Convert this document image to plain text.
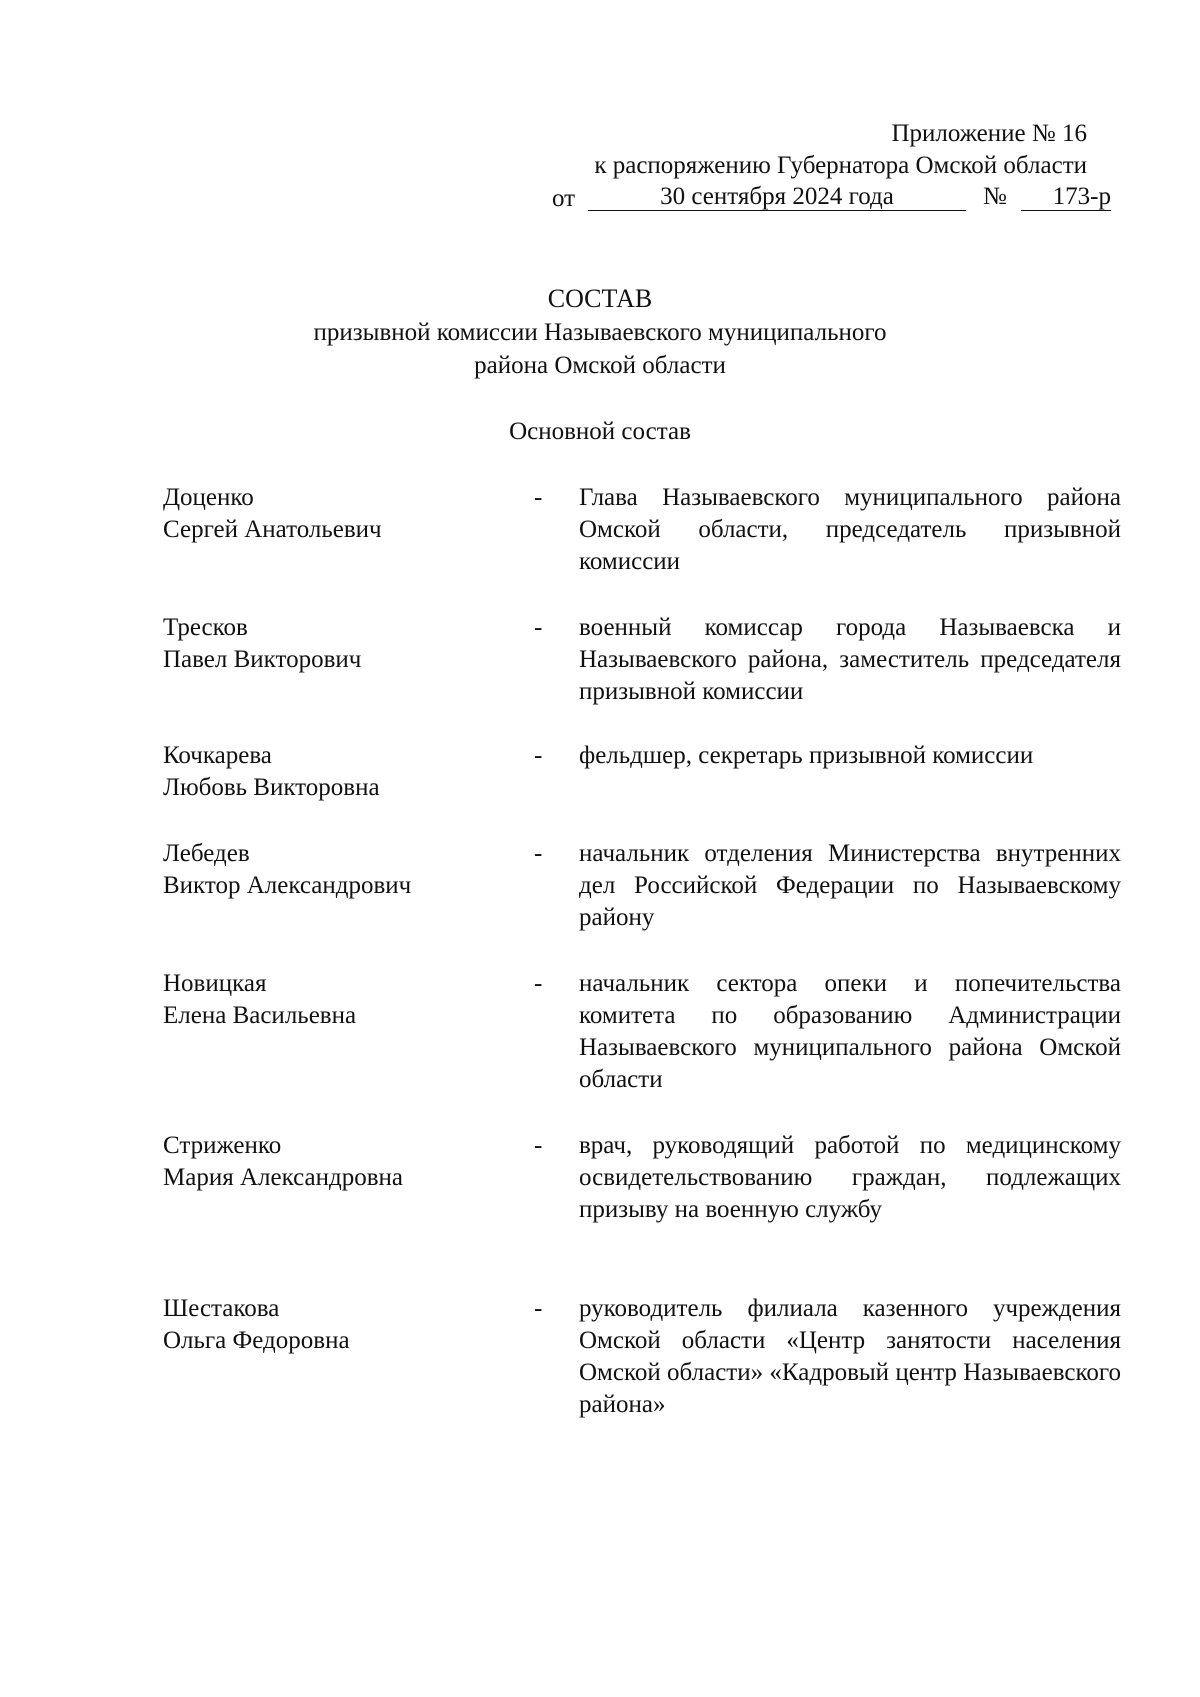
Приложение № 16
к распоряжению Губернатора Омской области
от	30 сентября 2024 года	№	173-р
СОСТАВ
призывной комиссии Называевского муниципального
района Омской области
Основной состав
Доценко
Сергей Анатольевич
- Глава Называевского муниципального района Омской области, председатель призывной комиссии
Тресков
Павел Викторович
- военный комиссар города Называевска и Называевского района, заместитель председателя призывной комиссии
Кочкарева
Любовь Викторовна
- фельдшер, секретарь призывной комиссии
Лебедев
Виктор Александрович
- начальник отделения Министерства внутренних дел Российской Федерации по Называевскому району
Новицкая
Елена Васильевна
- начальник сектора опеки и попечительства комитета по образованию Администрации Называевского муниципального района Омской области
Стриженко
Мария Александровна
- врач, руководящий работой по медицинскому освидетельствованию граждан, подлежащих призыву на военную службу
Шестакова
Ольга Федоровна
- руководитель филиала казенного учреждения Омской области «Центр занятости населения Омской области» «Кадровый центр Называевского района»
